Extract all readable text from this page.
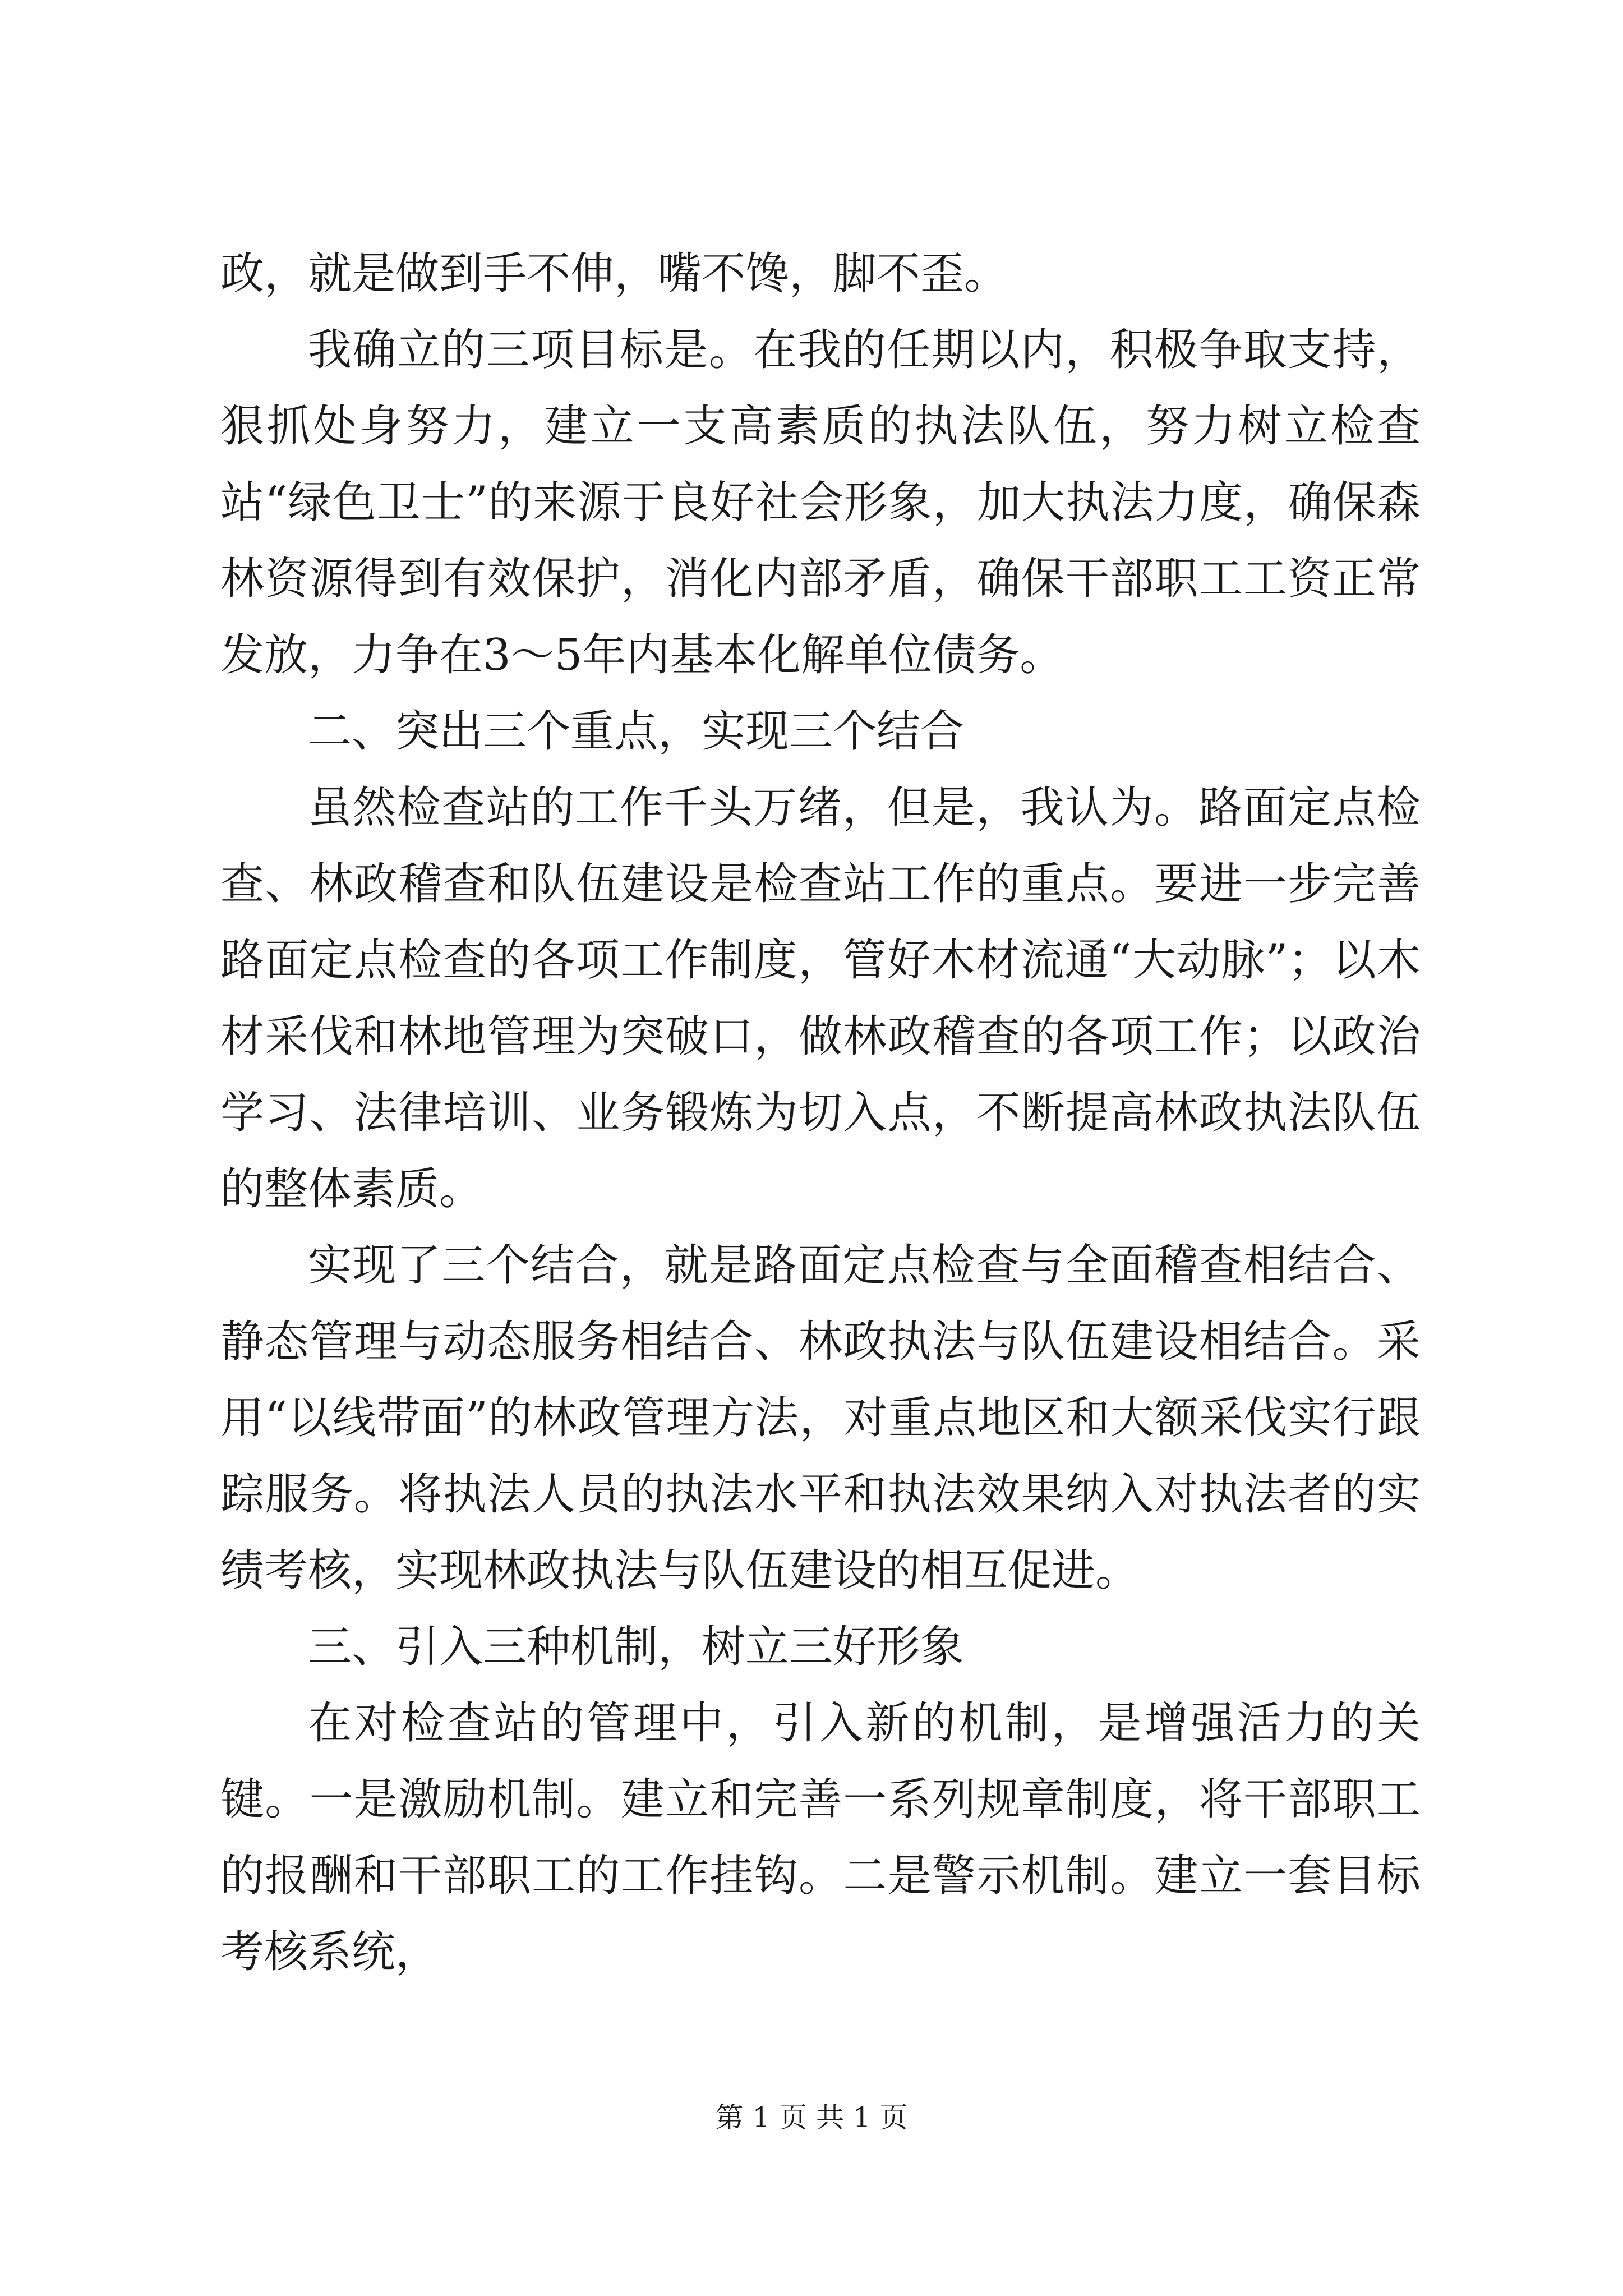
政，就是做到手不伸，嘴不馋，脚不歪。

我确立的三项目标是。在我的任期以内，积极争取支持，狠抓处身努力，建立一支高素质的执法队伍，努力树立检查站“绿色卫士”的来源于良好社会形象，加大执法力度，确保森林资源得到有效保护，消化内部矛盾，确保干部职工工资正常发放，力争在3～5年内基本化解单位债务。

二、突出三个重点，实现三个结合

虽然检查站的工作千头万绪，但是，我认为。路面定点检查、林政稽查和队伍建设是检查站工作的重点。要进一步完善路面定点检查的各项工作制度，管好木材流通“大动脉”；以木材采伐和林地管理为突破口，做林政稽查的各项工作；以政治学习、法律培训、业务锻炼为切入点，不断提高林政执法队伍的整体素质。

实现了三个结合，就是路面定点检查与全面稽查相结合、静态管理与动态服务相结合、林政执法与队伍建设相结合。采用“以线带面”的林政管理方法，对重点地区和大额采伐实行跟踪服务。将执法人员的执法水平和执法效果纳入对执法者的实绩考核，实现林政执法与队伍建设的相互促进。

三、引入三种机制，树立三好形象

在对检查站的管理中，引入新的机制，是增强活力的关键。一是激励机制。建立和完善一系列规章制度，将干部职工的报酬和干部职工的工作挂钩。二是警示机制。建立一套目标考核系统，

第 1 页 共 1 页
